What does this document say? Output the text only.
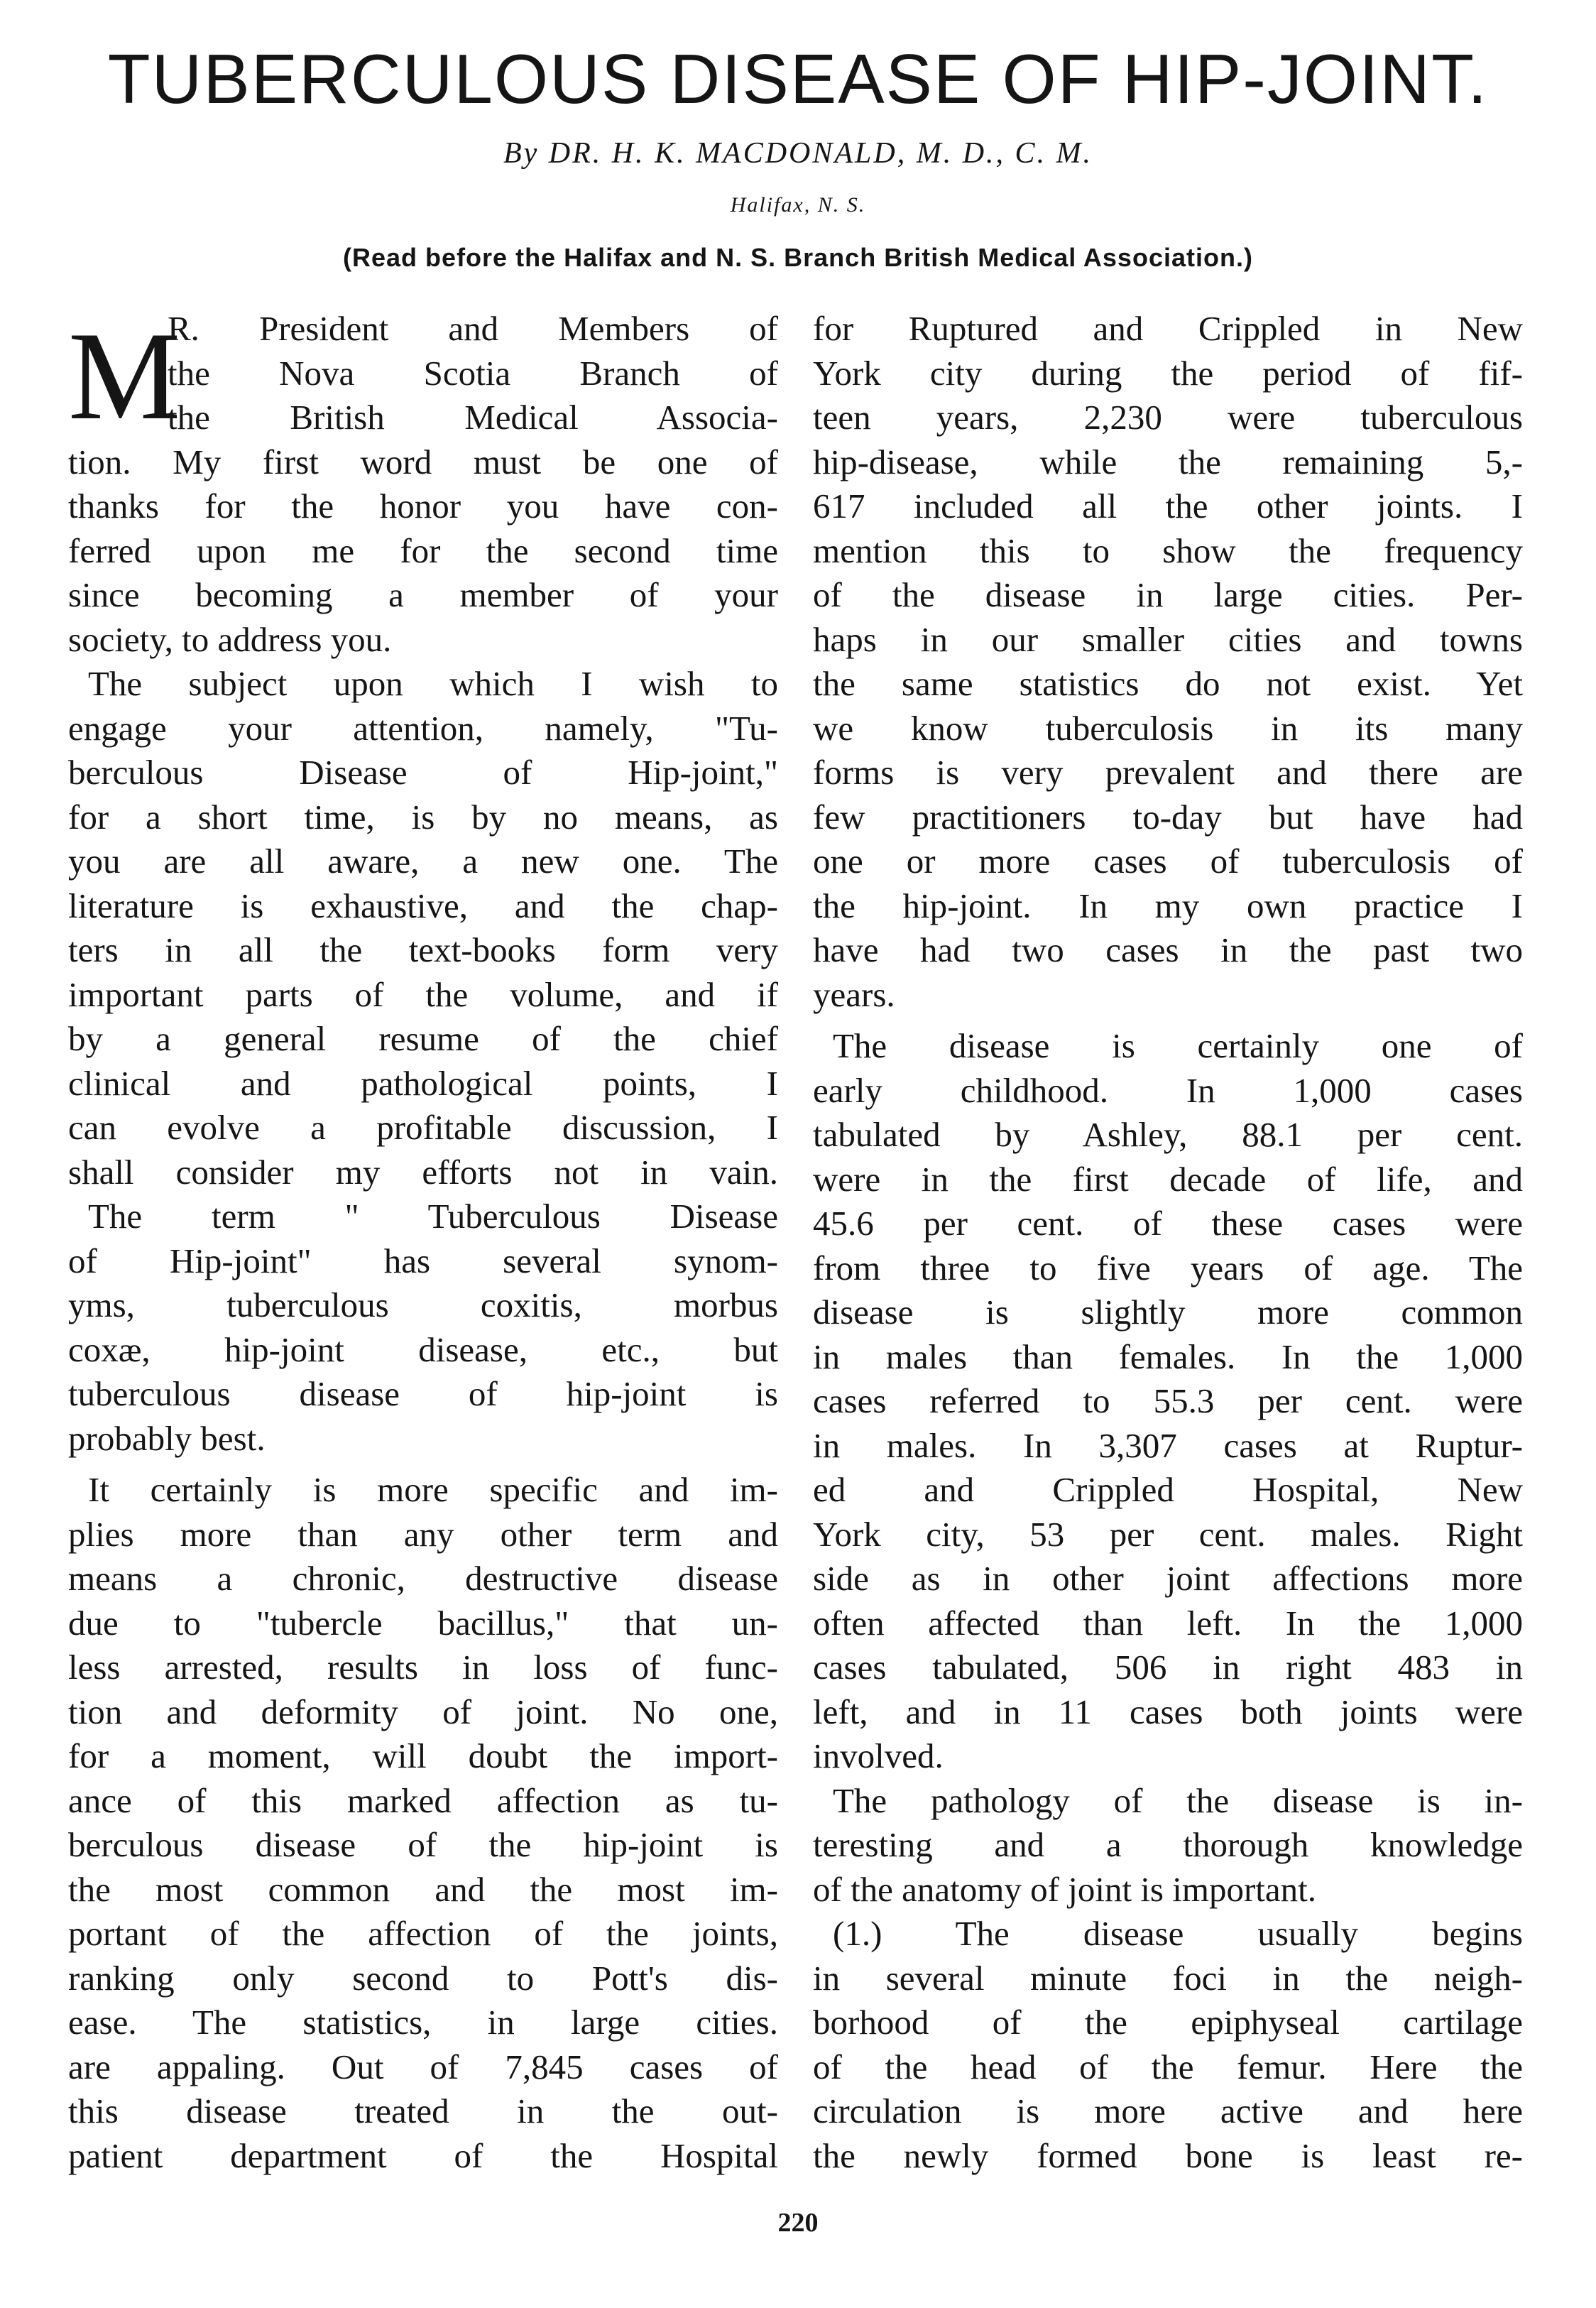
TUBERCULOUS DISEASE OF HIP-JOINT.
By DR. H. K. MACDONALD, M. D., C. M.
Halifax, N. S.
(Read before the Halifax and N. S. Branch British Medical Association.)
M
R. President and Members of
the Nova Scotia Branch of
the British Medical Associa-
tion. My first word must be one of
thanks for the honor you have con-
ferred upon me for the second time
since becoming a member of your
society, to address you.
The subject upon which I wish to
engage your attention, namely, "Tu-
berculous Disease of Hip-joint,"
for a short time, is by no means, as
you are all aware, a new one. The
literature is exhaustive, and the chap-
ters in all the text-books form very
important parts of the volume, and if
by a general resume of the chief
clinical and pathological points, I
can evolve a profitable discussion, I
shall consider my efforts not in vain.
The term " Tuberculous Disease
of Hip-joint" has several synom-
yms, tuberculous coxitis, morbus
coxæ, hip-joint disease, etc., but
tuberculous disease of hip-joint is
probably best.
It certainly is more specific and im-
plies more than any other term and
means a chronic, destructive disease
due to "tubercle bacillus," that un-
less arrested, results in loss of func-
tion and deformity of joint. No one,
for a moment, will doubt the import-
ance of this marked affection as tu-
berculous disease of the hip-joint is
the most common and the most im-
portant of the affection of the joints,
ranking only second to Pott's dis-
ease. The statistics, in large cities.
are appaling. Out of 7,845 cases of
this disease treated in the out-
patient department of the Hospital
for Ruptured and Crippled in New
York city during the period of fif-
teen years, 2,230 were tuberculous
hip-disease, while the remaining 5,-
617 included all the other joints. I
mention this to show the frequency
of the disease in large cities. Per-
haps in our smaller cities and towns
the same statistics do not exist. Yet
we know tuberculosis in its many
forms is very prevalent and there are
few practitioners to-day but have had
one or more cases of tuberculosis of
the hip-joint. In my own practice I
have had two cases in the past two
years.
The disease is certainly one of
early childhood. In 1,000 cases
tabulated by Ashley, 88.1 per cent.
were in the first decade of life, and
45.6 per cent. of these cases were
from three to five years of age. The
disease is slightly more common
in males than females. In the 1,000
cases referred to 55.3 per cent. were
in males. In 3,307 cases at Ruptur-
ed and Crippled Hospital, New
York city, 53 per cent. males. Right
side as in other joint affections more
often affected than left. In the 1,000
cases tabulated, 506 in right 483 in
left, and in 11 cases both joints were
involved.
The pathology of the disease is in-
teresting and a thorough knowledge
of the anatomy of joint is important.
(1.) The disease usually begins
in several minute foci in the neigh-
borhood of the epiphyseal cartilage
of the head of the femur. Here the
circulation is more active and here
the newly formed bone is least re-
220
